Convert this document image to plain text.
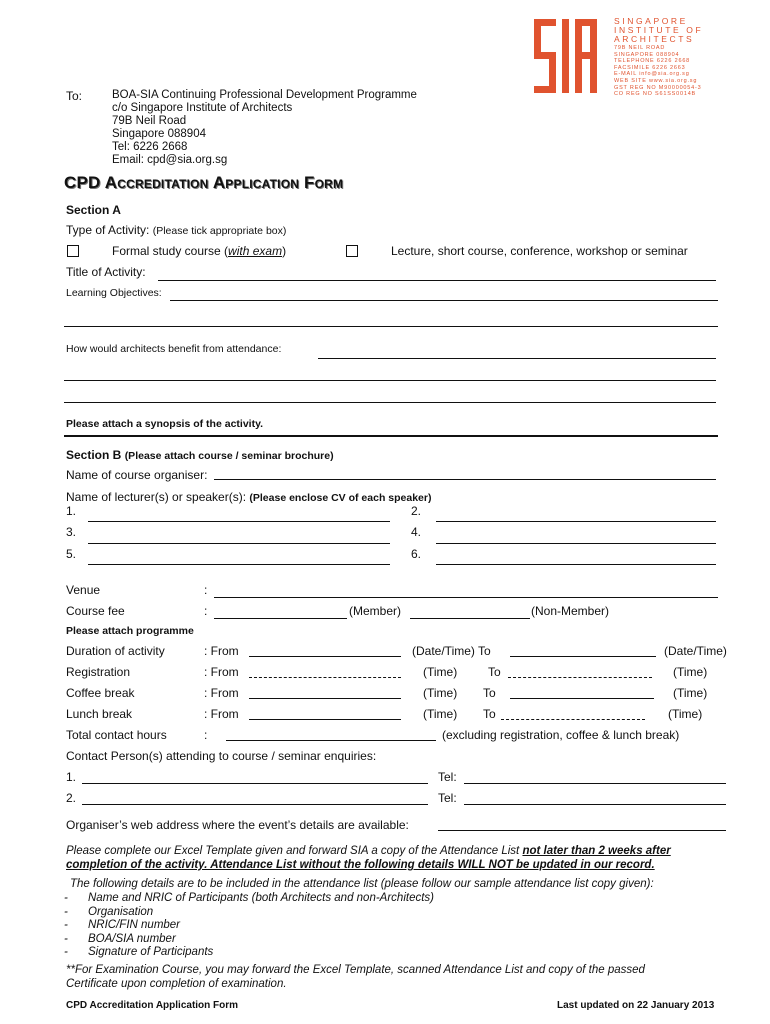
SINGAPORE
INSTITUTE OF
ARCHITECTS
79B NEIL ROAD
SINGAPORE 088904
TELEPHONE 6226 2668
FACSIMILE 6226 2663
E-MAIL info@sia.org.sg
WEB SITE www.sia.org.sg
GST REG NO M90000054-3
CO REG NO S61SS0014B
To:	BOA-SIA Continuing Professional Development Programme
c/o Singapore Institute of Architects
79B Neil Road
Singapore 088904
Tel: 6226 2668
Email: cpd@sia.org.sg
CPD Accreditation Application Form
Section A
Type of Activity: (Please tick appropriate box)
Formal study course (with exam)	Lecture, short course, conference, workshop or seminar
Title of Activity:
Learning Objectives:
How would architects benefit from attendance:
Please attach a synopsis of the activity.
Section B (Please attach course / seminar brochure)
Name of course organiser:
Name of lecturer(s) or speaker(s): (Please enclose CV of each speaker)
1.	2.
3.	4.
5.	6.
Venue	:
Course fee	:	(Member)	(Non-Member)
Please attach programme
Duration of activity	: From	(Date/Time) To	(Date/Time)
Registration	: From	(Time)	To	(Time)
Coffee break	: From	(Time) To	(Time)
Lunch break	: From	(Time) To	(Time)
Total contact hours	:	(excluding registration, coffee & lunch break)
Contact Person(s) attending to course / seminar enquiries:
1.	Tel:
2.	Tel:
Organiser’s web address where the event’s details are available:
Please complete our Excel Template given and forward SIA a copy of the Attendance List not later than 2 weeks after
completion of the activity. Attendance List without the following details WILL NOT be updated in our record.
The following details are to be included in the attendance list (please follow our sample attendance list copy given):
- Name and NRIC of Participants (both Architects and non-Architects)
- Organisation
- NRIC/FIN number
- BOA/SIA number
- Signature of Participants
**For Examination Course, you may forward the Excel Template, scanned Attendance List and copy of the passed
Certificate upon completion of examination.
CPD Accreditation Application Form	Last updated on 22 January 2013
